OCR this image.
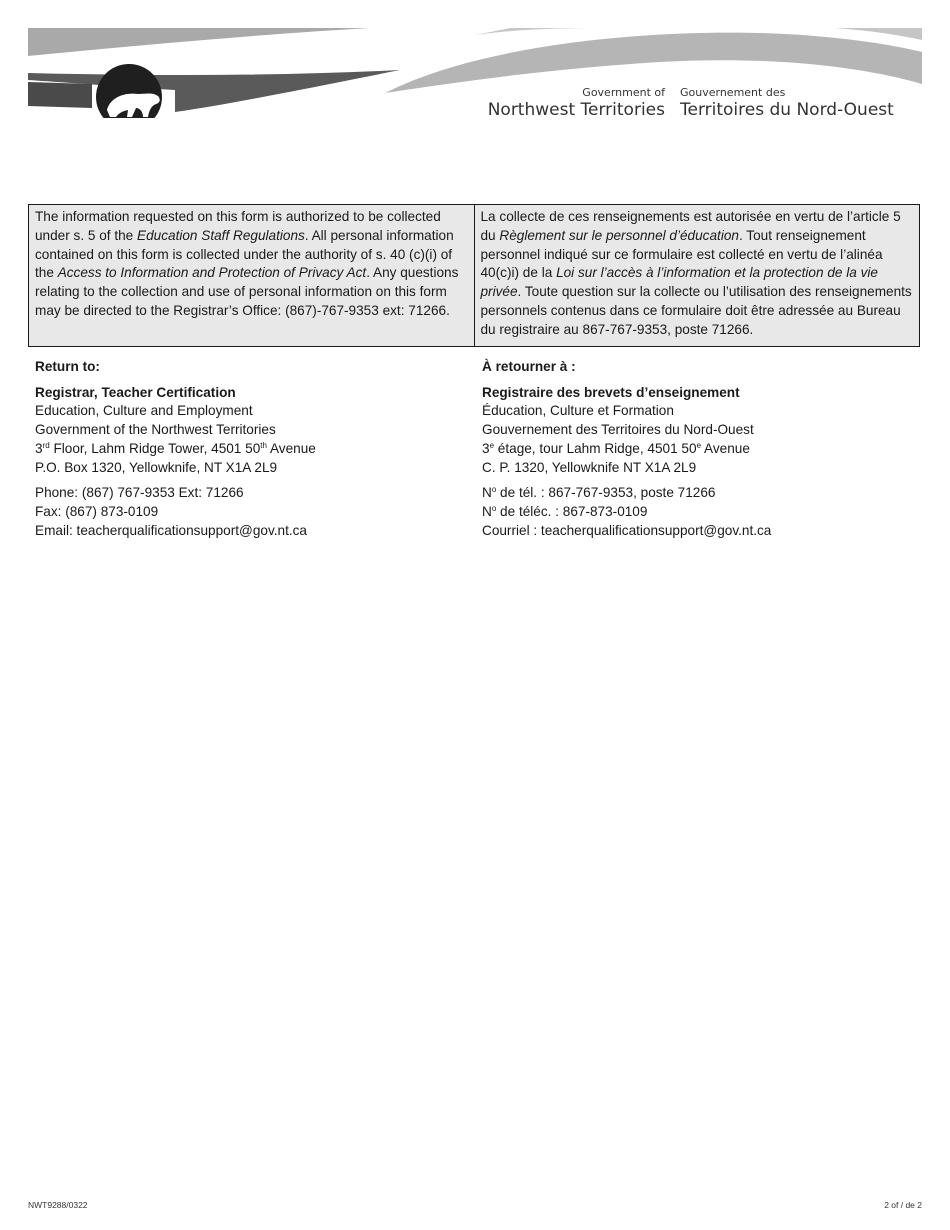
Government of
Northwest Territories
Gouvernement des
Territoires du Nord-Ouest
The information requested on this form is authorized to be collected under s. 5 of the Education Staff Regulations. All personal information contained on this form is collected under the authority of s. 40 (c)(i) of the Access to Information and Protection of Privacy Act. Any questions relating to the collection and use of personal information on this form may be directed to the Registrar’s Office: (867)-767-9353 ext: 71266.
La collecte de ces renseignements est autorisée en vertu de l’article 5 du Règlement sur le personnel d’éducation. Tout renseignement personnel indiqué sur ce formulaire est collecté en vertu de l’alinéa 40(c)i) de la Loi sur l’accès à l’information et la protection de la vie privée. Toute question sur la collecte ou l’utilisation des renseignements personnels contenus dans ce formulaire doit être adressée au Bureau du registraire au 867-767-9353, poste 71266.
Return to:
Registrar, Teacher Certification
Education, Culture and Employment
Government of the Northwest Territories
3rd Floor, Lahm Ridge Tower, 4501 50th Avenue
P.O. Box 1320, Yellowknife, NT X1A 2L9
Phone: (867) 767-9353 Ext: 71266
Fax: (867) 873-0109
Email: teacherqualificationsupport@gov.nt.ca
À retourner à :
Registraire des brevets d’enseignement
Éducation, Culture et Formation
Gouvernement des Territoires du Nord-Ouest
3e étage, tour Lahm Ridge, 4501 50e Avenue
C. P. 1320, Yellowknife NT X1A 2L9
$N^o$ de tél. : 867-767-9353, poste 71266
$N^o$ de téléc. : 867-873-0109
Courriel : teacherqualificationsupport@gov.nt.ca
NWT9288/0322	2 of / de 2
